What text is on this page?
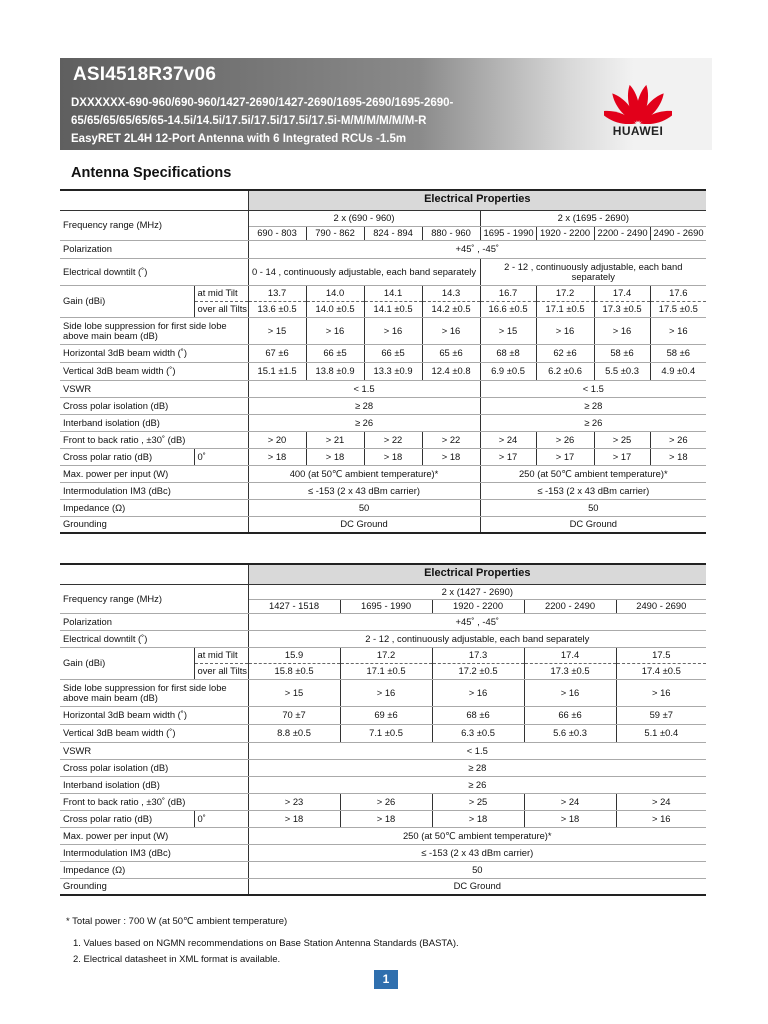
ASI4518R37v06
DXXXXXX-690-960/690-960/1427-2690/1427-2690/1695-2690/1695-2690-
65/65/65/65/65/65-14.5i/14.5i/17.5i/17.5i/17.5i/17.5i-M/M/M/M/M/M-R
EasyRET 2L4H 12-Port Antenna with 6 Integrated RCUs -1.5m
HUAWEI
Antenna Specifications
		Electrical Properties							
Frequency range (MHz)		2 x (690 - 960)				2 x (1695 - 2690)			
		690 - 803	790 - 862	824 - 894	880 - 960	1695 - 1990	1920 - 2200	2200 - 2490	2490 - 2690
Polarization		+45˚ , -45˚							
Electrical downtilt (˚)		0 - 14 , continuously adjustable, each band separately				2 - 12 , continuously adjustable, each band separately			
Gain (dBi)	at mid Tilt	13.7	14.0	14.1	14.3	16.7	17.2	17.4	17.6
	over all Tilts	13.6 ±0.5	14.0 ±0.5	14.1 ±0.5	14.2 ±0.5	16.6 ±0.5	17.1 ±0.5	17.3 ±0.5	17.5 ±0.5
Side lobe suppression for first side lobe above main beam (dB)		> 15	> 16	> 16	> 16	> 15	> 16	> 16	> 16
Horizontal 3dB beam width (˚)		67 ±6	66 ±5	66 ±5	65 ±6	68 ±8	62 ±6	58 ±6	58 ±6
Vertical 3dB beam width (˚)		15.1 ±1.5	13.8 ±0.9	13.3 ±0.9	12.4 ±0.8	6.9 ±0.5	6.2 ±0.6	5.5 ±0.3	4.9 ±0.4
VSWR		< 1.5				< 1.5			
Cross polar isolation (dB)		≥ 28				≥ 28			
Interband isolation (dB)		≥ 26				≥ 26			
Front to back ratio , ±30˚ (dB)		> 20	> 21	> 22	> 22	> 24	> 26	> 25	> 26
Cross polar ratio (dB)	0˚	> 18	> 18	> 18	> 18	> 17	> 17	> 17	> 18
Max. power per input (W)		400 (at 50℃ ambient temperature)*				250 (at 50℃ ambient temperature)*			
Intermodulation IM3 (dBc)		≤ -153 (2 x 43 dBm carrier)				≤ -153 (2 x 43 dBm carrier)			
Impedance (Ω)		50				50			
Grounding		DC Ground				DC Ground			
		Electrical Properties				
Frequency range (MHz)		2 x (1427 - 2690)				
		1427 - 1518	1695 - 1990	1920 - 2200	2200 - 2490	2490 - 2690
Polarization		+45˚ , -45˚				
Electrical downtilt (˚)		2 - 12 , continuously adjustable, each band separately				
Gain (dBi)	at mid Tilt	15.9	17.2	17.3	17.4	17.5
	over all Tilts	15.8 ±0.5	17.1 ±0.5	17.2 ±0.5	17.3 ±0.5	17.4 ±0.5
Side lobe suppression for first side lobe above main beam (dB)		> 15	> 16	> 16	> 16	> 16
Horizontal 3dB beam width (˚)		70 ±7	69 ±6	68 ±6	66 ±6	59 ±7
Vertical 3dB beam width (˚)		8.8 ±0.5	7.1 ±0.5	6.3 ±0.5	5.6 ±0.3	5.1 ±0.4
VSWR		< 1.5				
Cross polar isolation (dB)		≥ 28				
Interband isolation (dB)		≥ 26				
Front to back ratio , ±30˚ (dB)		> 23	> 26	> 25	> 24	> 24
Cross polar ratio (dB)	0˚	> 18	> 18	> 18	> 18	> 16
Max. power per input (W)		250 (at 50℃ ambient temperature)*				
Intermodulation IM3 (dBc)		≤ -153 (2 x 43 dBm carrier)				
Impedance (Ω)		50				
Grounding		DC Ground				
* Total power : 700 W (at 50℃ ambient temperature)
1. Values based on NGMN recommendations on Base Station Antenna Standards (BASTA).
2. Electrical datasheet in XML format is available.
1
